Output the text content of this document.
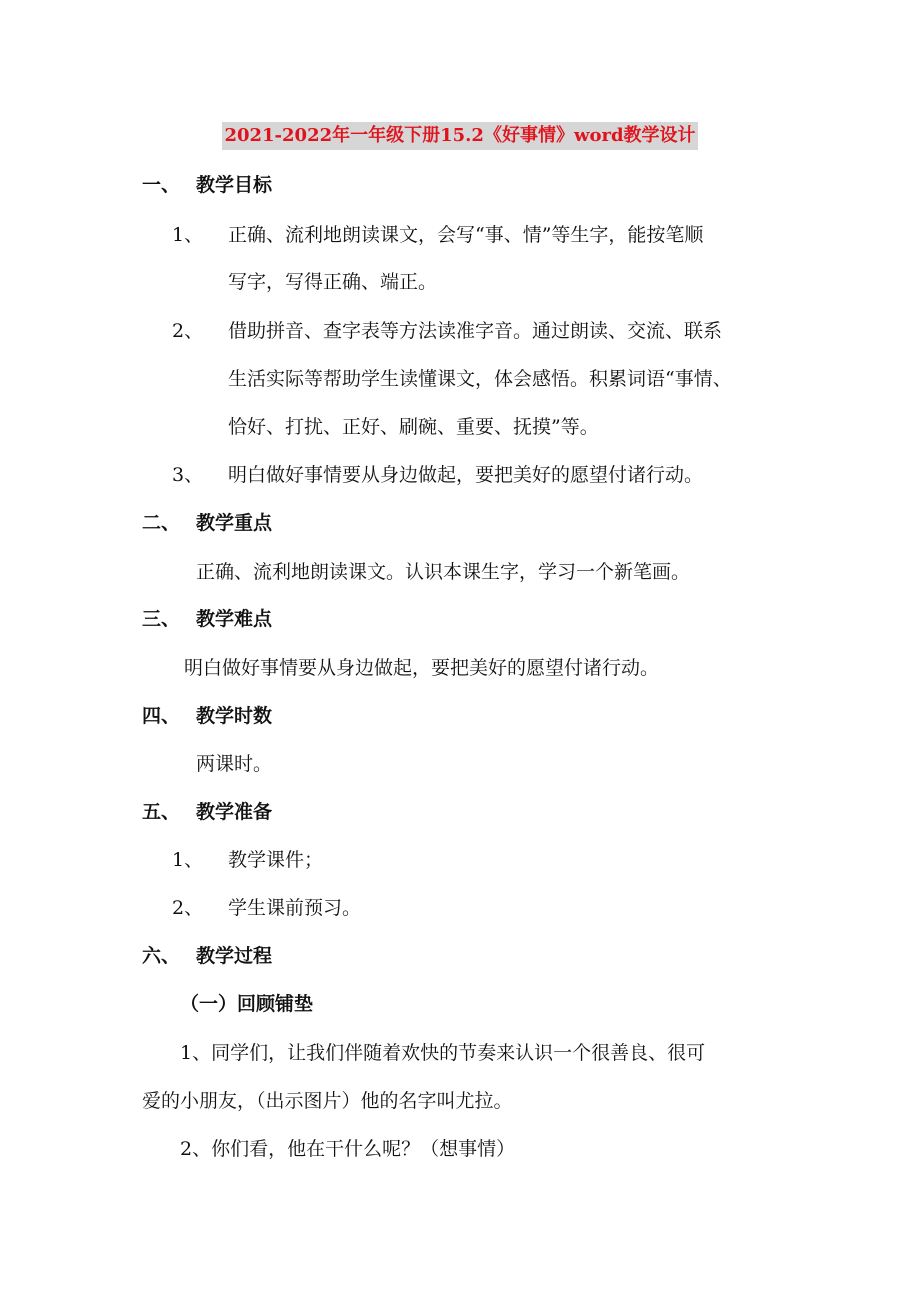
2021-2022年一年级下册15.2《好事情》word教学设计
一、 教学目标
1、 正确、流利地朗读课文，会写“事、情”等生字，能按笔顺
写字，写得正确、端正。
2、 借助拼音、查字表等方法读准字音。通过朗读、交流、联系
生活实际等帮助学生读懂课文，体会感悟。积累词语“事情、
恰好、打扰、正好、刷碗、重要、抚摸”等。
3、 明白做好事情要从身边做起，要把美好的愿望付诸行动。
二、 教学重点
正确、流利地朗读课文。认识本课生字，学习一个新笔画。
三、 教学难点
明白做好事情要从身边做起，要把美好的愿望付诸行动。
四、 教学时数
两课时。
五、 教学准备
1、 教学课件；
2、 学生课前预习。
六、 教学过程
（一）回顾铺垫
1、同学们，让我们伴随着欢快的节奏来认识一个很善良、很可
爱的小朋友，（出示图片）他的名字叫尤拉。
2、你们看，他在干什么呢？（想事情）
